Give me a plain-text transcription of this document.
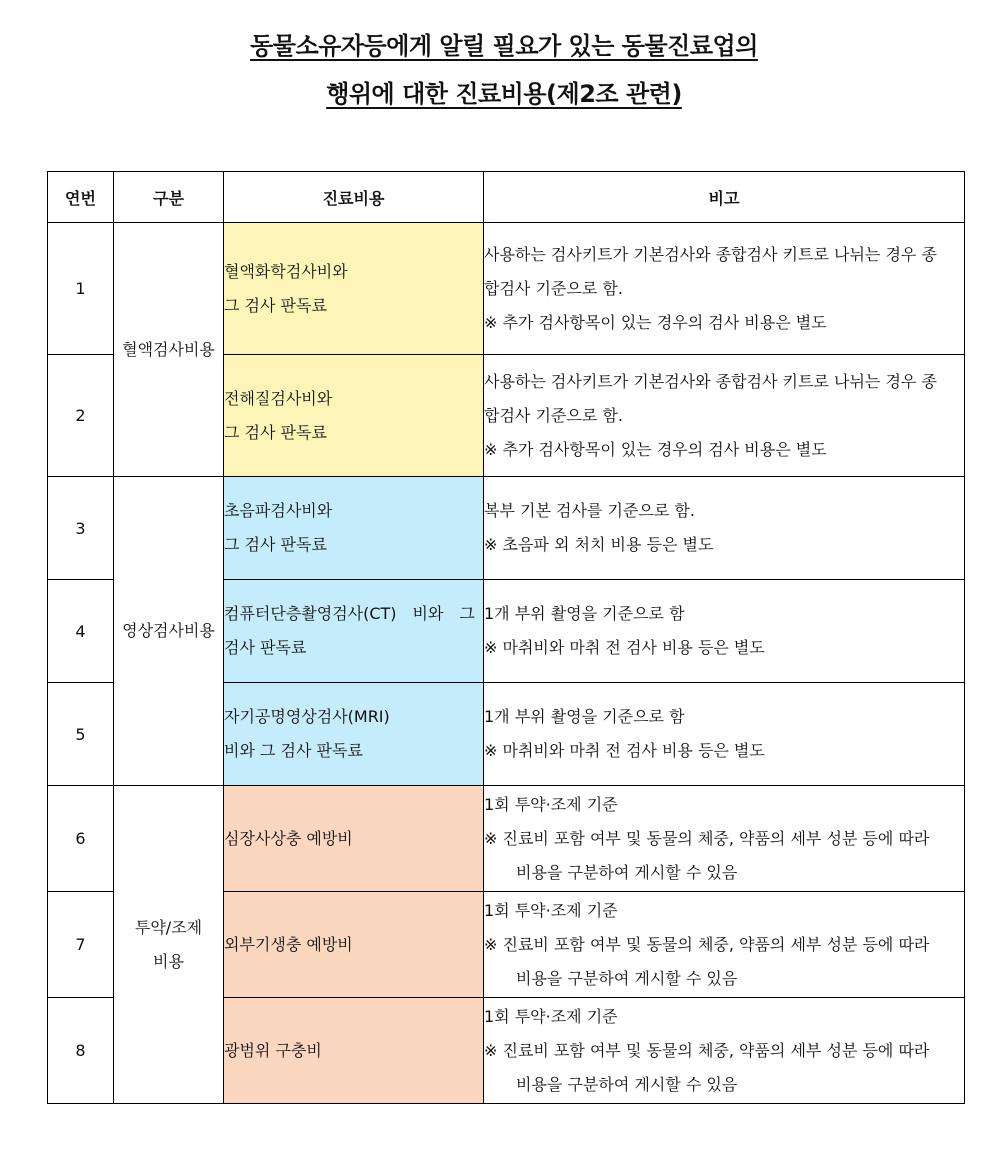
동물소유자등에게 알릴 필요가 있는 동물진료업의
행위에 대한 진료비용(제2조 관련)
연번	구분	진료비용	비고
1	혈액검사비용	혈액화학검사비와
그 검사 판독료	사용하는 검사키트가 기본검사와 종합검사 키트로 나뉘는 경우 종
합검사 기준으로 함.
※ 추가 검사항목이 있는 경우의 검사 비용은 별도

2		전해질검사비와
그 검사 판독료	사용하는 검사키트가 기본검사와 종합검사 키트로 나뉘는 경우 종
합검사 기준으로 함.
※ 추가 검사항목이 있는 경우의 검사 비용은 별도

3	영상검사비용	초음파검사비와
그 검사 판독료	복부 기본 검사를 기준으로 함.
※ 초음파 외 처치 비용 등은 별도

4		컴퓨터단층촬영검사(CT)　비와　그
검사 판독료	1개 부위 촬영을 기준으로 함
※ 마취비와 마취 전 검사 비용 등은 별도

5		자기공명영상검사(MRI)
비와 그 검사 판독료	1개 부위 촬영을 기준으로 함
※ 마취비와 마취 전 검사 비용 등은 별도

6	투약/조제
비용	심장사상충 예방비	1회 투약·조제 기준
※ 진료비 포함 여부 및 동물의 체중, 약품의 세부 성분 등에 따라
비용을 구분하여 게시할 수 있음

7		외부기생충 예방비	1회 투약·조제 기준
※ 진료비 포함 여부 및 동물의 체중, 약품의 세부 성분 등에 따라
비용을 구분하여 게시할 수 있음

8		광범위 구충비	1회 투약·조제 기준
※ 진료비 포함 여부 및 동물의 체중, 약품의 세부 성분 등에 따라
비용을 구분하여 게시할 수 있음
